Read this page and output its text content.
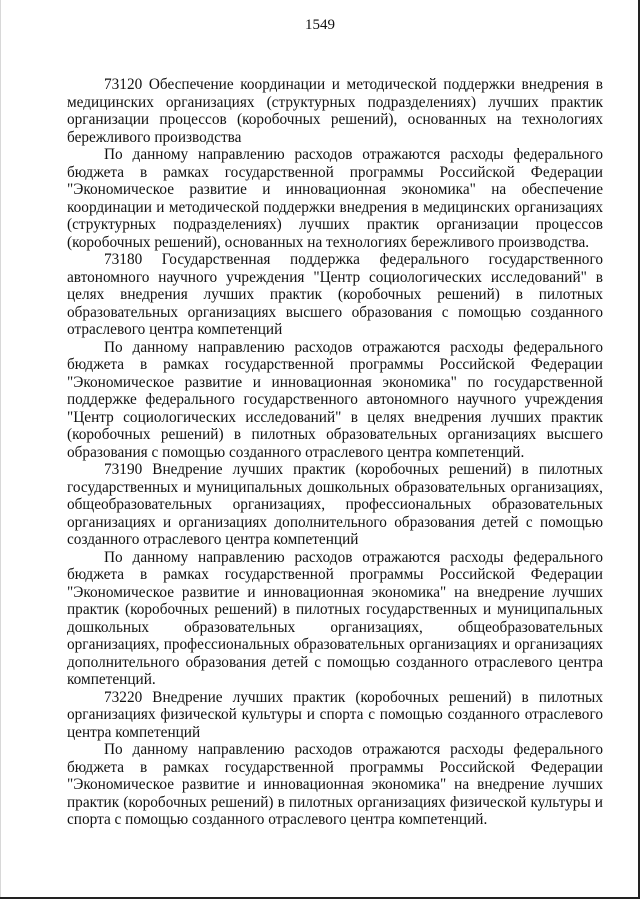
1549

73120 Обеспечение координации и методической поддержки внедрения в медицинских организациях (структурных подразделениях) лучших практик организации процессов (коробочных решений), основанных на технологиях бережливого производства

По данному направлению расходов отражаются расходы федерального бюджета в рамках государственной программы Российской Федерации "Экономическое развитие и инновационная экономика" на обеспечение координации и методической поддержки внедрения в медицинских организациях (структурных подразделениях) лучших практик организации процессов (коробочных решений), основанных на технологиях бережливого производства.

73180 Государственная поддержка федерального государственного автономного научного учреждения "Центр социологических исследований" в целях внедрения лучших практик (коробочных решений) в пилотных образовательных организациях высшего образования с помощью созданного отраслевого центра компетенций

По данному направлению расходов отражаются расходы федерального бюджета в рамках государственной программы Российской Федерации "Экономическое развитие и инновационная экономика" по государственной поддержке федерального государственного автономного научного учреждения "Центр социологических исследований" в целях внедрения лучших практик (коробочных решений) в пилотных образовательных организациях высшего образования с помощью созданного отраслевого центра компетенций.

73190 Внедрение лучших практик (коробочных решений) в пилотных государственных и муниципальных дошкольных образовательных организациях, общеобразовательных организациях, профессиональных образовательных организациях и организациях дополнительного образования детей с помощью созданного отраслевого центра компетенций

По данному направлению расходов отражаются расходы федерального бюджета в рамках государственной программы Российской Федерации "Экономическое развитие и инновационная экономика" на внедрение лучших практик (коробочных решений) в пилотных государственных и муниципальных дошкольных образовательных организациях, общеобразовательных организациях, профессиональных образовательных организациях и организациях дополнительного образования детей с помощью созданного отраслевого центра компетенций.

73220 Внедрение лучших практик (коробочных решений) в пилотных организациях физической культуры и спорта с помощью созданного отраслевого центра компетенций

По данному направлению расходов отражаются расходы федерального бюджета в рамках государственной программы Российской Федерации "Экономическое развитие и инновационная экономика" на внедрение лучших практик (коробочных решений) в пилотных организациях физической культуры и спорта с помощью созданного отраслевого центра компетенций.
